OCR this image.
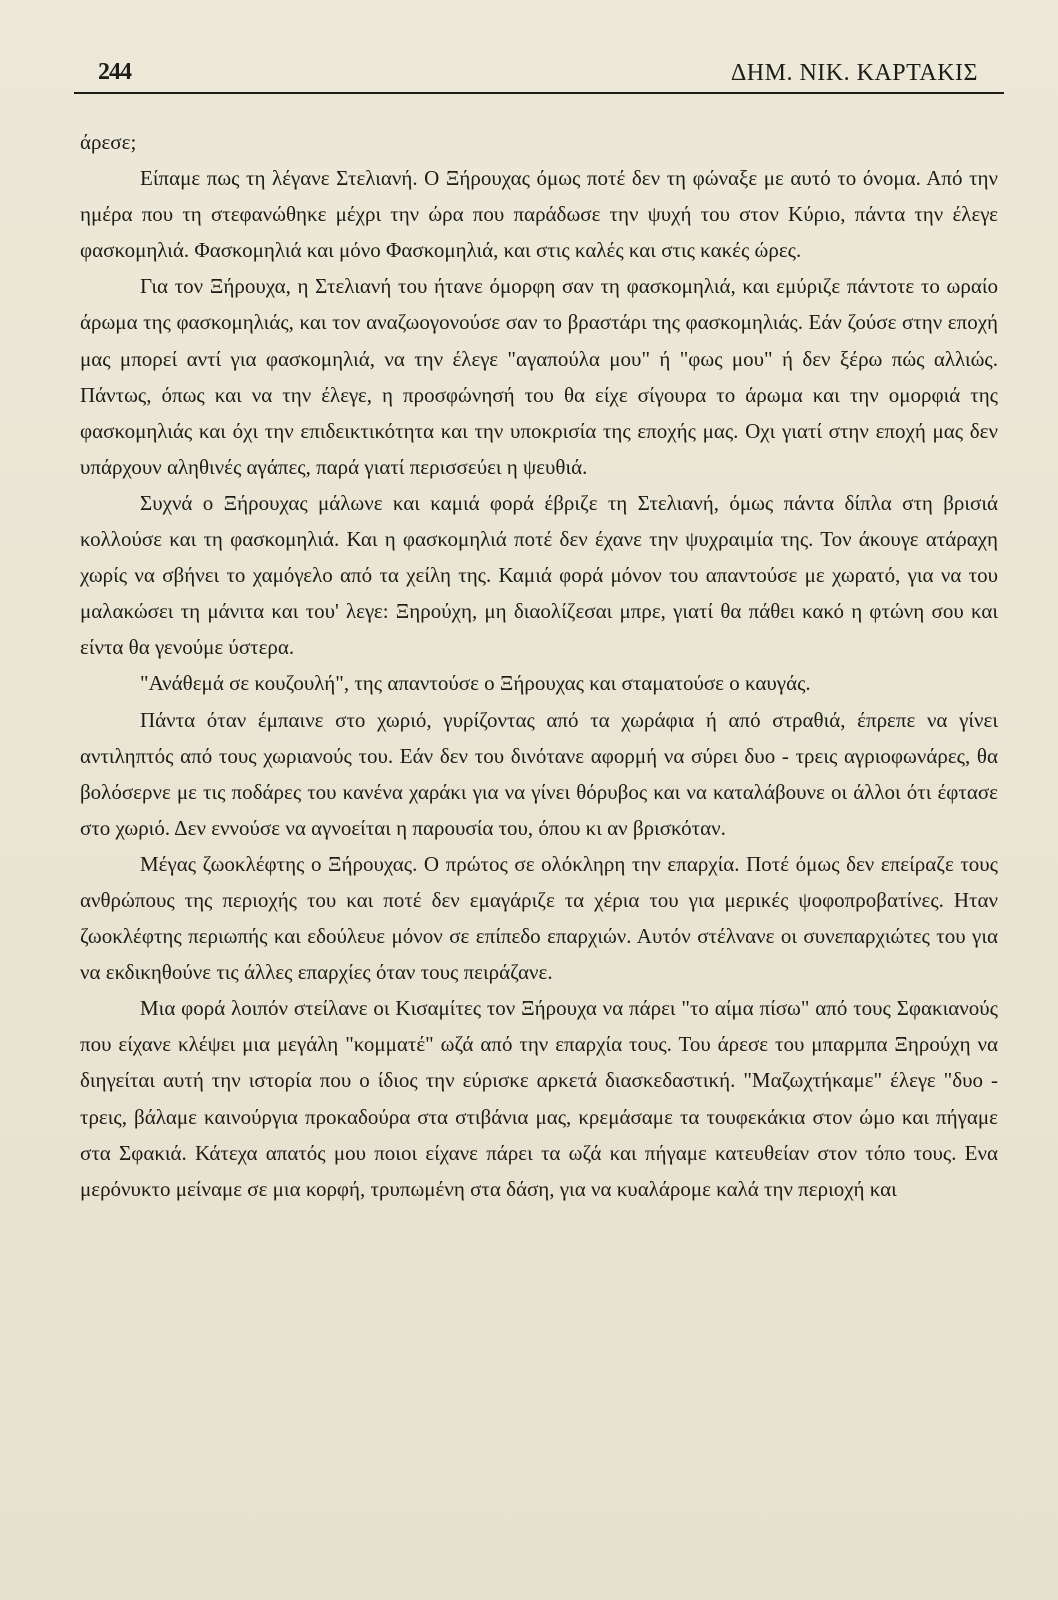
244	ΔΗΜ. ΝΙΚ. ΚΑΡΤΑΚΙΣ

άρεσε;

Είπαμε πως τη λέγανε Στελιανή. Ο Ξήρουχας όμως ποτέ δεν τη φώναξε με αυτό το όνομα. Από την ημέρα που τη στεφανώθηκε μέχρι την ώρα που παράδωσε την ψυχή του στον Κύριο, πάντα την έλεγε φασκομηλιά. Φασκομηλιά και μόνο Φασκομηλιά, και στις καλές και στις κακές ώρες.

Για τον Ξήρουχα, η Στελιανή του ήτανε όμορφη σαν τη φασκομηλιά, και εμύριζε πάντοτε το ωραίο άρωμα της φασκομηλιάς, και τον αναζωογονούσε σαν το βραστάρι της φασκομηλιάς. Εάν ζούσε στην εποχή μας μπορεί αντί για φασκομηλιά, να την έλεγε "αγαπούλα μου" ή "φως μου" ή δεν ξέρω πώς αλλιώς. Πάντως, όπως και να την έλεγε, η προσφώνησή του θα είχε σίγουρα το άρωμα και την ομορφιά της φασκομηλιάς και όχι την επιδεικτικότητα και την υποκρισία της εποχής μας. Οχι γιατί στην εποχή μας δεν υπάρχουν αληθινές αγάπες, παρά γιατί περισσεύει η ψευθιά.

Συχνά ο Ξήρουχας μάλωνε και καμιά φορά έβριζε τη Στελιανή, όμως πάντα δίπλα στη βρισιά κολλούσε και τη φασκομηλιά. Και η φασκομηλιά ποτέ δεν έχανε την ψυχραιμία της. Τον άκουγε ατάραχη χωρίς να σβήνει το χαμόγελο από τα χείλη της. Καμιά φορά μόνον του απαντούσε με χωρατό, για να του μαλακώσει τη μάνιτα και του' λεγε: Ξηρούχη, μη διαολίζεσαι μπρε, γιατί θα πάθει κακό η φτώνη σου και είντα θα γενούμε ύστερα.

"Ανάθεμά σε κουζουλή", της απαντούσε ο Ξήρουχας και σταματούσε ο καυγάς.

Πάντα όταν έμπαινε στο χωριό, γυρίζοντας από τα χωράφια ή από στραθιά, έπρεπε να γίνει αντιληπτός από τους χωριανούς του. Εάν δεν του δινότανε αφορμή να σύρει δυο - τρεις αγριοφωνάρες, θα βολόσερνε με τις ποδάρες του κανένα χαράκι για να γίνει θόρυβος και να καταλάβουνε οι άλλοι ότι έφτασε στο χωριό. Δεν εννούσε να αγνοείται η παρουσία του, όπου κι αν βρισκόταν.

Μέγας ζωοκλέφτης ο Ξήρουχας. Ο πρώτος σε ολόκληρη την επαρχία. Ποτέ όμως δεν επείραζε τους ανθρώπους της περιοχής του και ποτέ δεν εμαγάριζε τα χέρια του για μερικές ψοφοπροβατίνες. Ηταν ζωοκλέφτης περιωπής και εδούλευε μόνον σε επίπεδο επαρχιών. Αυτόν στέλνανε οι συνεπαρχιώτες του για να εκδικηθούνε τις άλλες επαρχίες όταν τους πειράζανε.

Μια φορά λοιπόν στείλανε οι Κισαμίτες τον Ξήρουχα να πάρει "το αίμα πίσω" από τους Σφακιανούς που είχανε κλέψει μια μεγάλη "κομματέ" ωζά από την επαρχία τους. Του άρεσε του μπαρμπα Ξηρούχη να διηγείται αυτή την ιστορία που ο ίδιος την εύρισκε αρκετά διασκεδαστική. "Μαζωχτήκαμε" έλεγε "δυο - τρεις, βάλαμε καινούργια προκαδούρα στα στιβάνια μας, κρεμάσαμε τα τουφεκάκια στον ώμο και πήγαμε στα Σφακιά. Κάτεχα απατός μου ποιοι είχανε πάρει τα ωζά και πήγαμε κατευθείαν στον τόπο τους. Ενα μερόνυκτο μείναμε σε μια κορφή, τρυπωμένη στα δάση, για να κυαλάρομε καλά την περιοχή και
